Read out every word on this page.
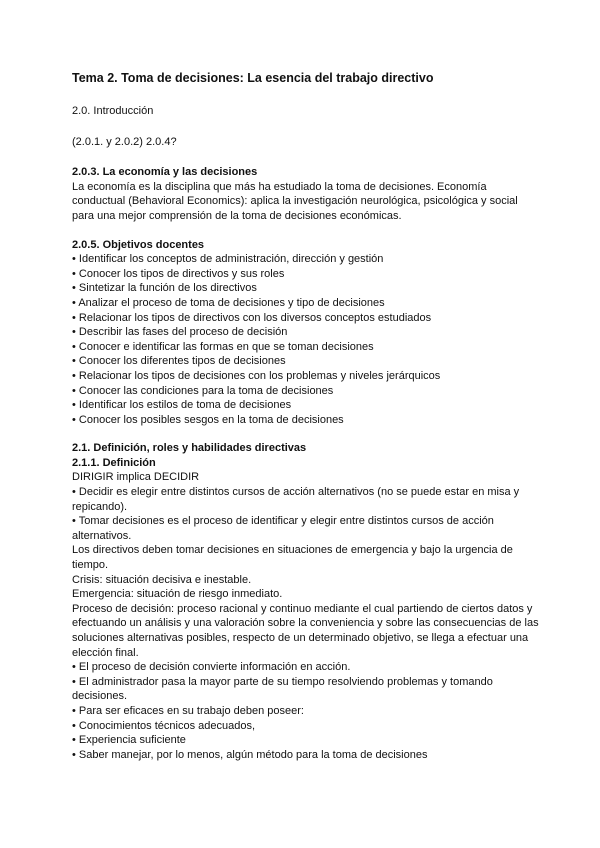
Tema 2. Toma de decisiones: La esencia del trabajo directivo
2.0. Introducción
(2.0.1. y 2.0.2) 2.0.4?
2.0.3. La economía y las decisiones
La economía es la disciplina que más ha estudiado la toma de decisiones. Economía conductual (Behavioral Economics): aplica la investigación neurológica, psicológica y social para una mejor comprensión de la toma de decisiones económicas.
2.0.5. Objetivos docentes
• Identificar los conceptos de administración, dirección y gestión
• Conocer los tipos de directivos y sus roles
• Sintetizar la función de los directivos
• Analizar el proceso de toma de decisiones y tipo de decisiones
• Relacionar los tipos de directivos con los diversos conceptos estudiados
• Describir las fases del proceso de decisión
• Conocer e identificar las formas en que se toman decisiones
• Conocer los diferentes tipos de decisiones
• Relacionar los tipos de decisiones con los problemas y niveles jerárquicos
• Conocer las condiciones para la toma de decisiones
• Identificar los estilos de toma de decisiones
• Conocer los posibles sesgos en la toma de decisiones
2.1. Definición, roles y habilidades directivas
2.1.1. Definición
DIRIGIR implica DECIDIR
• Decidir es elegir entre distintos cursos de acción alternativos (no se puede estar en misa y repicando).
• Tomar decisiones es el proceso de identificar y elegir entre distintos cursos de acción alternativos.
Los directivos deben tomar decisiones en situaciones de emergencia y bajo la urgencia de tiempo.
Crisis: situación decisiva e inestable.
Emergencia: situación de riesgo inmediato.
Proceso de decisión: proceso racional y continuo mediante el cual partiendo de ciertos datos y efectuando un análisis y una valoración sobre la conveniencia y sobre las consecuencias de las soluciones alternativas posibles, respecto de un determinado objetivo, se llega a efectuar una elección final.
• El proceso de decisión convierte información en acción.
• El administrador pasa la mayor parte de su tiempo resolviendo problemas y tomando decisiones.
• Para ser eficaces en su trabajo deben poseer:
• Conocimientos técnicos adecuados,
• Experiencia suficiente
• Saber manejar, por lo menos, algún método para la toma de decisiones
